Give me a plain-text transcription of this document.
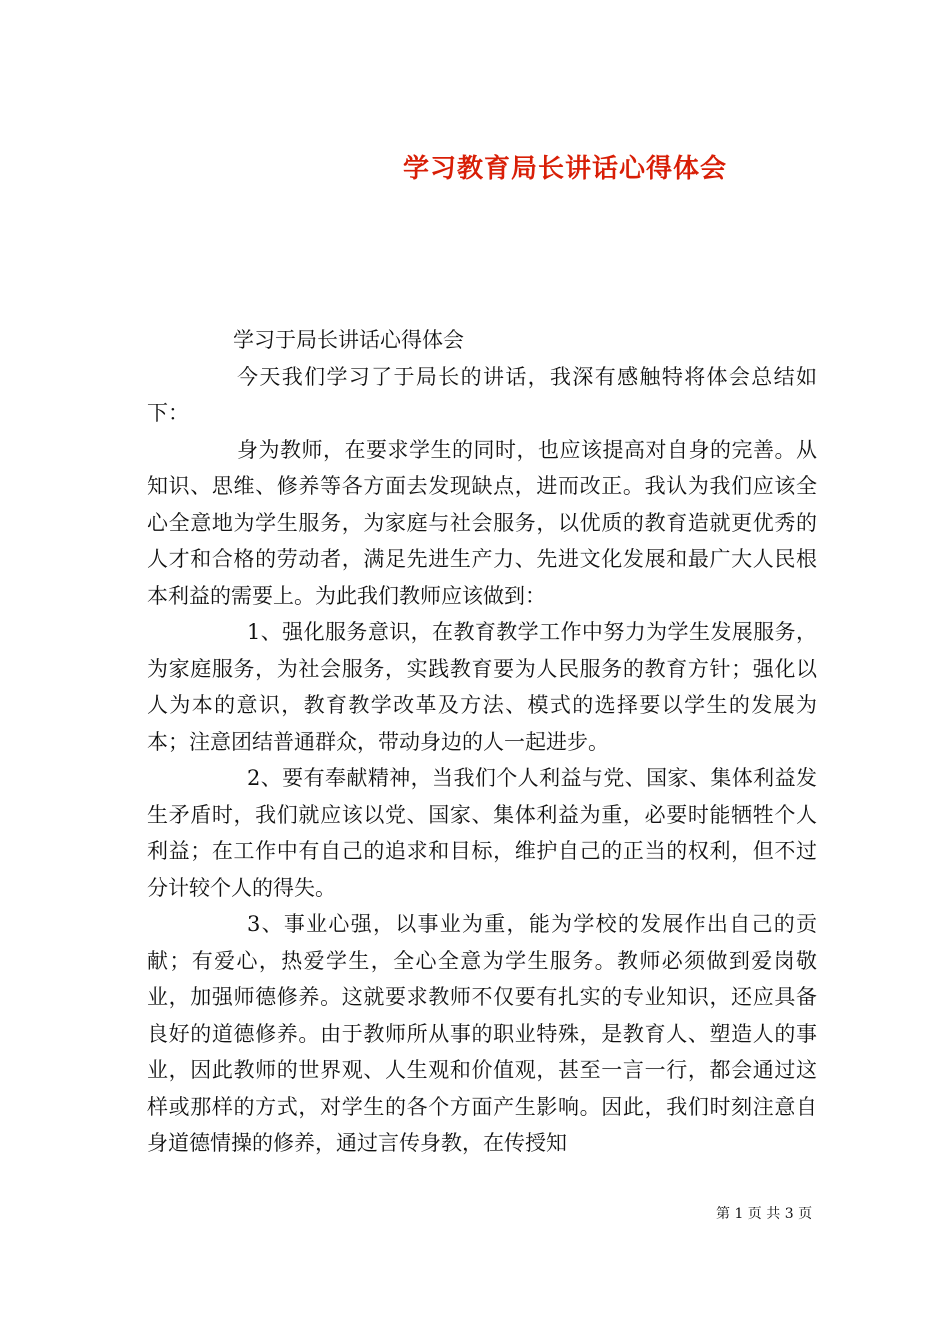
学习教育局长讲话心得体会

学习于局长讲话心得体会

今天我们学习了于局长的讲话，我深有感触特将体会总结如下：

身为教师，在要求学生的同时，也应该提高对自身的完善。从知识、思维、修养等各方面去发现缺点，进而改正。我认为我们应该全心全意地为学生服务，为家庭与社会服务，以优质的教育造就更优秀的人才和合格的劳动者，满足先进生产力、先进文化发展和最广大人民根本利益的需要上。为此我们教师应该做到：

1、强化服务意识，在教育教学工作中努力为学生发展服务，为家庭服务，为社会服务，实践教育要为人民服务的教育方针；强化以人为本的意识，教育教学改革及方法、模式的选择要以学生的发展为本；注意团结普通群众，带动身边的人一起进步。

2、要有奉献精神，当我们个人利益与党、国家、集体利益发生矛盾时，我们就应该以党、国家、集体利益为重，必要时能牺牲个人利益；在工作中有自己的追求和目标，维护自己的正当的权利，但不过分计较个人的得失。

3、事业心强，以事业为重，能为学校的发展作出自己的贡献；有爱心，热爱学生，全心全意为学生服务。教师必须做到爱岗敬业，加强师德修养。这就要求教师不仅要有扎实的专业知识，还应具备良好的道德修养。由于教师所从事的职业特殊，是教育人、塑造人的事业，因此教师的世界观、人生观和价值观，甚至一言一行，都会通过这样或那样的方式，对学生的各个方面产生影响。因此，我们时刻注意自身道德情操的修养，通过言传身教，在传授知

第 1 页 共 3 页
